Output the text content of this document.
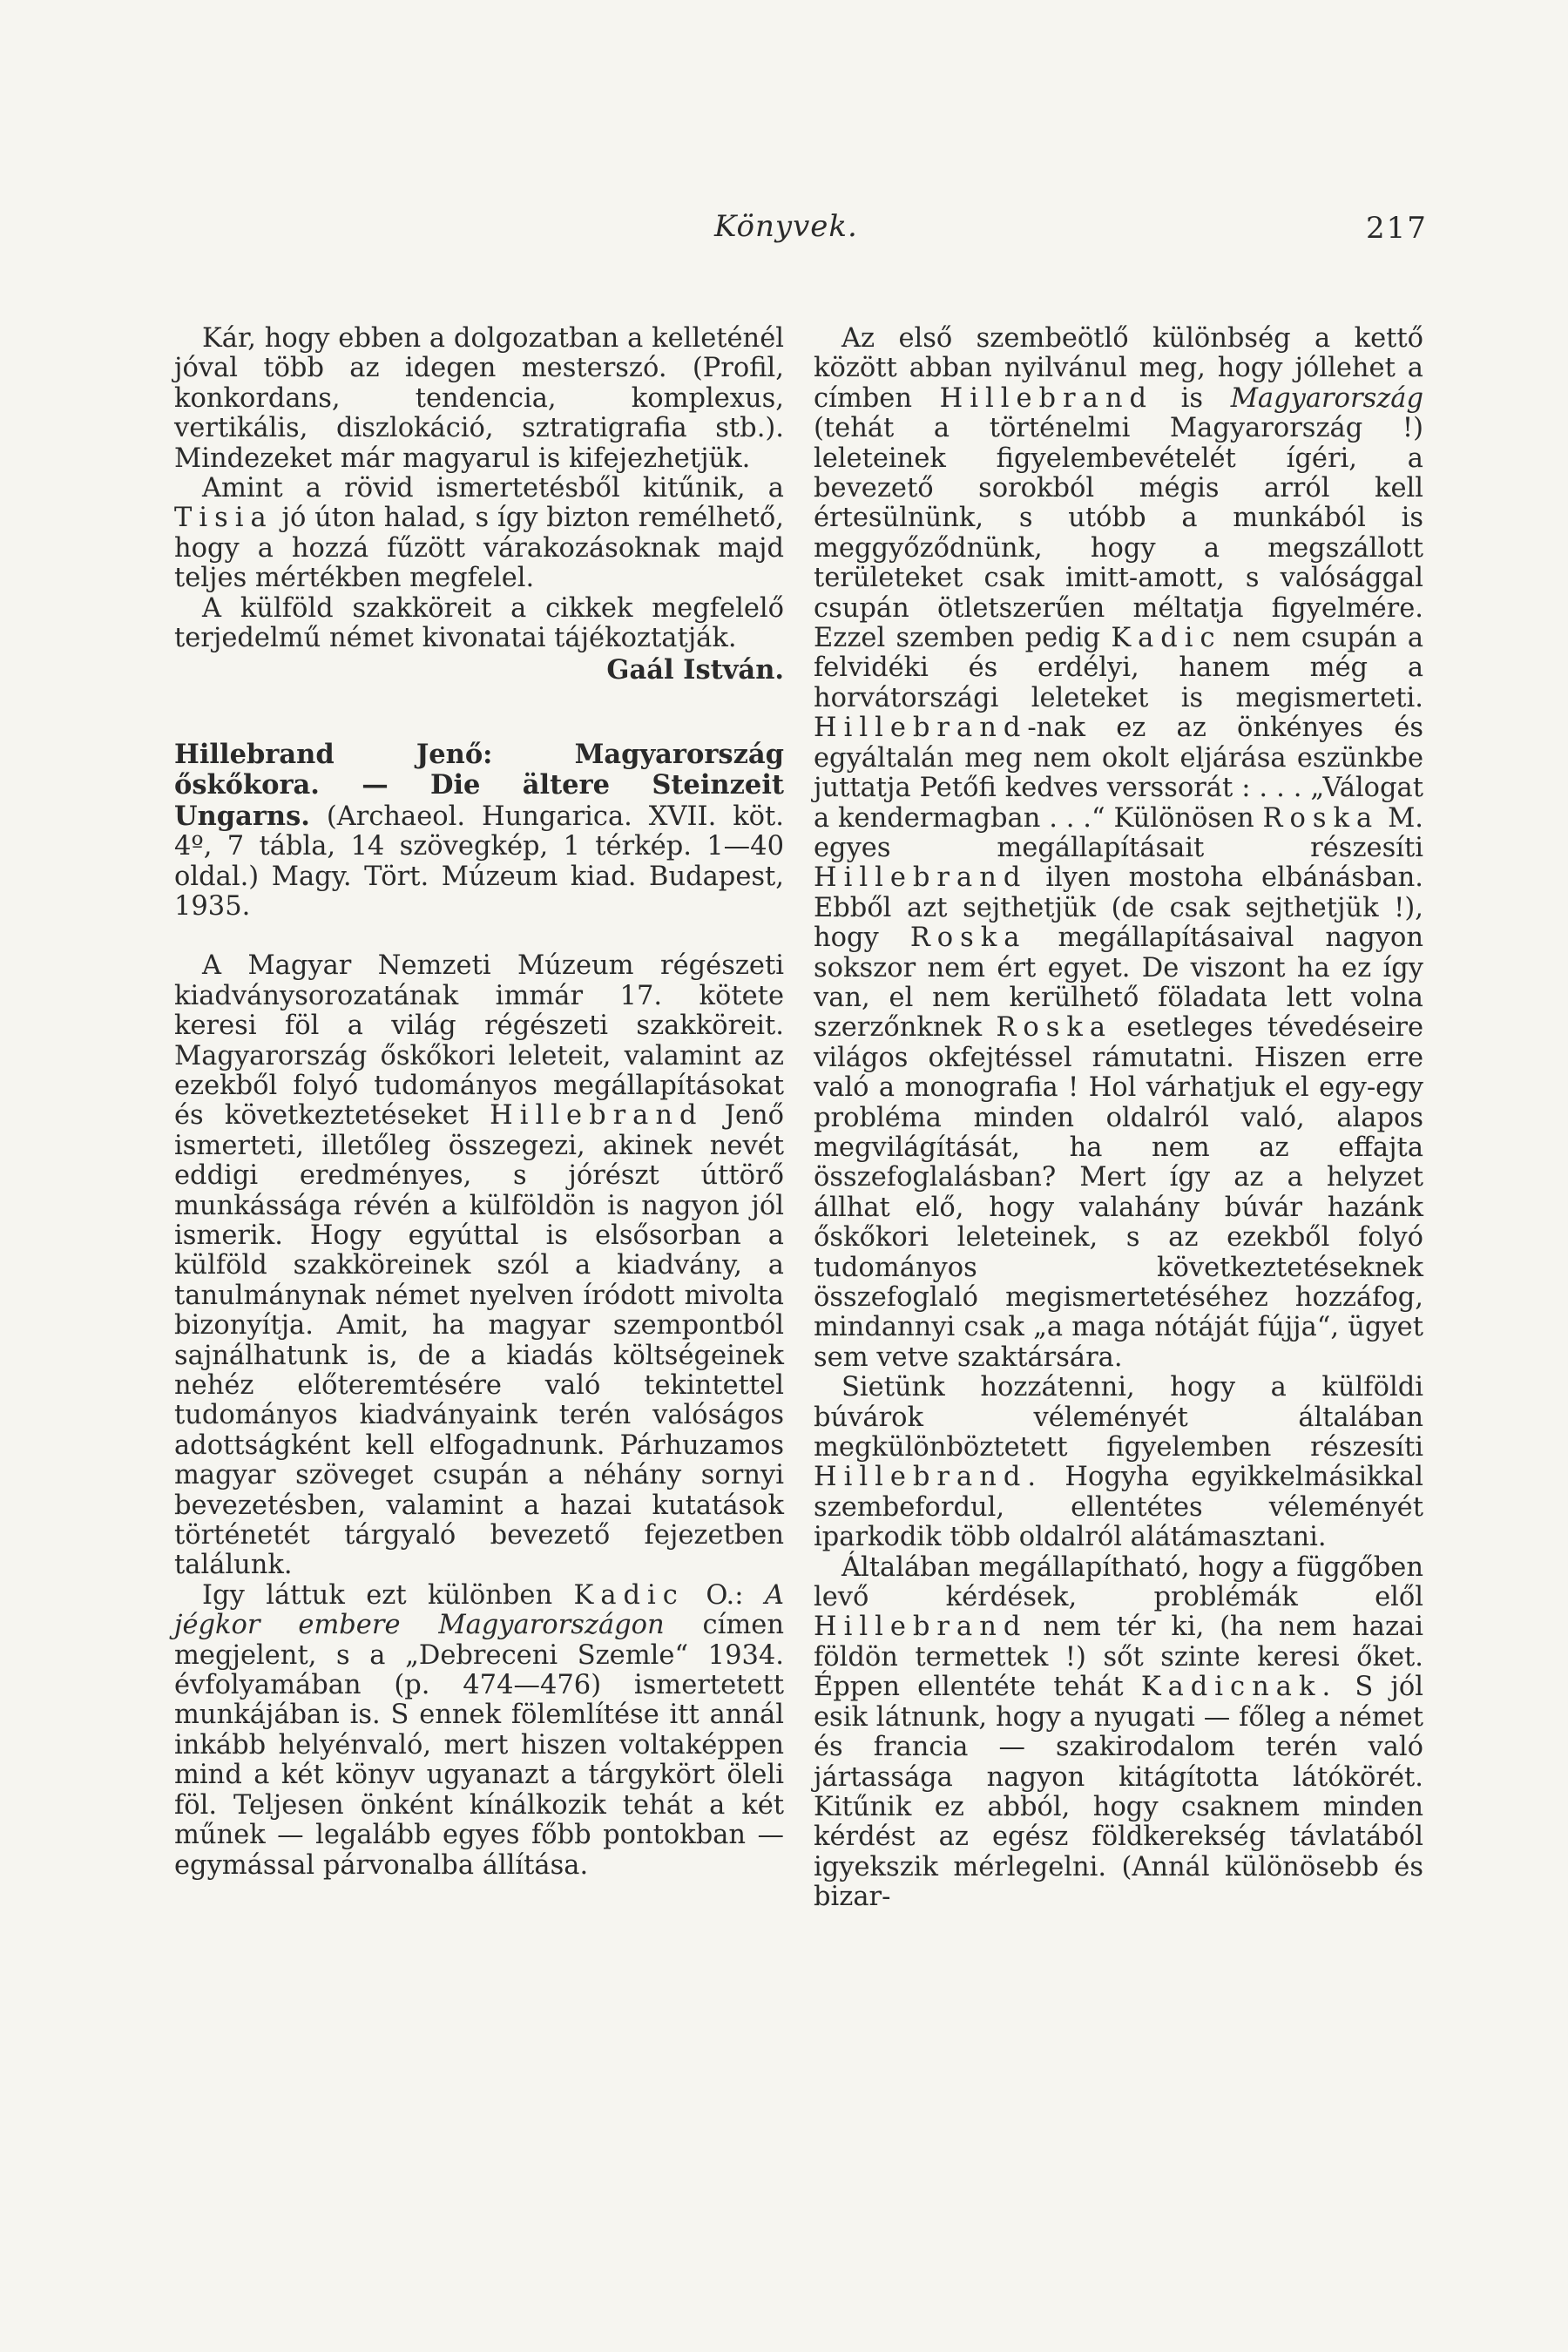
Könyvek.	217

Kár, hogy ebben a dolgozatban a kelleténél jóval több az idegen mesterszó. (Profil, konkordans, tendencia, komplexus, vertikális, diszlokáció, sztratigrafia stb.). Mindezeket már magyarul is kifejezhetjük.

Amint a rövid ismertetésből kitűnik, a Tisia jó úton halad, s így bizton remélhető, hogy a hozzá fűzött várakozásoknak majd teljes mértékben megfelel.

A külföld szakköreit a cikkek megfelelő terjedelmű német kivonatai tájékoztatják.

Gaál István.

Hillebrand Jenő: Magyarország őskőkora. — Die ältere Steinzeit Ungarns. (Archaeol. Hungarica. XVII. köt. 4º, 7 tábla, 14 szövegkép, 1 térkép. 1—40 oldal.) Magy. Tört. Múzeum kiad. Budapest, 1935.

A Magyar Nemzeti Múzeum régészeti kiadványsorozatának immár 17. kötete keresi föl a világ régészeti szakköreit. Magyarország őskőkori leleteit, valamint az ezekből folyó tudományos megállapításokat és következtetéseket Hillebrand Jenő ismerteti, illetőleg összegezi, akinek nevét eddigi eredményes, s jórészt úttörő munkássága révén a külföldön is nagyon jól ismerik. Hogy egyúttal is elsősorban a külföld szakköreinek szól a kiadvány, a tanulmánynak német nyelven íródott mivolta bizonyítja. Amit, ha magyar szempontból sajnálhatunk is, de a kiadás költségeinek nehéz előteremtésére való tekintettel tudományos kiadványaink terén valóságos adottságként kell elfogadnunk. Párhuzamos magyar szöveget csupán a néhány sornyi bevezetésben, valamint a hazai kutatások történetét tárgyaló bevezető fejezetben találunk.

Igy láttuk ezt különben Kadic O.: A jégkor embere Magyarországon címen megjelent, s a „Debreceni Szemle“ 1934. évfolyamában (p. 474—476) ismertetett munkájában is. S ennek fölemlítése itt annál inkább helyénvaló, mert hiszen voltaképpen mind a két könyv ugyanazt a tárgykört öleli föl. Teljesen önként kínálkozik tehát a két műnek — legalább egyes főbb pontokban — egymással párvonalba állítása.

Az első szembeötlő különbség a kettő között abban nyilvánul meg, hogy jóllehet a címben Hillebrand is Magyarország (tehát a történelmi Magyarország !) leleteinek figyelembevételét ígéri, a bevezető sorokból mégis arról kell értesülnünk, s utóbb a munkából is meggyőződnünk, hogy a megszállott területeket csak imitt-amott, s valósággal csupán ötletszerűen méltatja figyelmére. Ezzel szemben pedig Kadic nem csupán a felvidéki és erdélyi, hanem még a horvátországi leleteket is megismerteti. Hillebrand-nak ez az önkényes és egyáltalán meg nem okolt eljárása eszünkbe juttatja Petőfi kedves verssorát : . . . „Válogat a kendermagban . . .“ Különösen Roska M. egyes megállapításait részesíti Hillebrand ilyen mostoha elbánásban. Ebből azt sejthetjük (de csak sejthetjük !), hogy Roska megállapításaival nagyon sokszor nem ért egyet. De viszont ha ez így van, el nem kerülhető föladata lett volna szerzőnknek Roska esetleges tévedéseire világos okfejtéssel rámutatni. Hiszen erre való a monografia ! Hol várhatjuk el egy-egy probléma minden oldalról való, alapos megvilágítását, ha nem az effajta összefoglalásban? Mert így az a helyzet állhat elő, hogy valahány búvár hazánk őskőkori leleteinek, s az ezekből folyó tudományos következtetéseknek összefoglaló megismertetéséhez hozzáfog, mindannyi csak „a maga nótáját fújja“, ügyet sem vetve szaktársára.

Sietünk hozzátenni, hogy a külföldi búvárok véleményét általában megkülönböztetett figyelemben részesíti Hillebrand. Hogyha egyikkelmásikkal szembefordul, ellentétes véleményét iparkodik több oldalról alátámasztani.

Általában megállapítható, hogy a függőben levő kérdések, problémák elől Hillebrand nem tér ki, (ha nem hazai földön termettek !) sőt szinte keresi őket. Éppen ellentéte tehát Kadicnak. S jól esik látnunk, hogy a nyugati — főleg a német és francia — szakirodalom terén való jártassága nagyon kitágította látókörét. Kitűnik ez abból, hogy csaknem minden kérdést az egész földkerekség távlatából igyekszik mérlegelni. (Annál különösebb és bizar-
